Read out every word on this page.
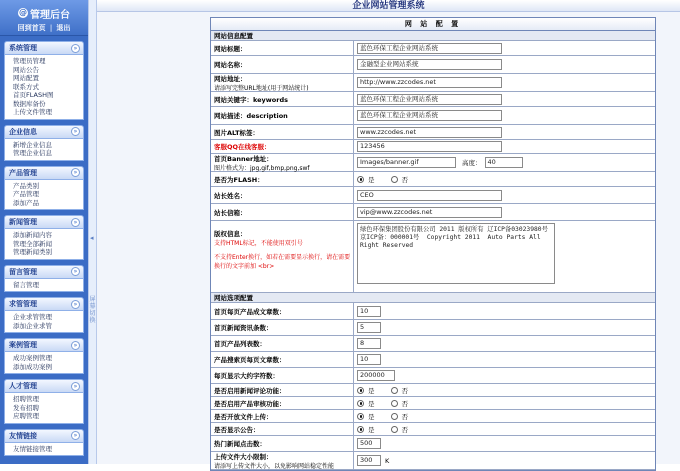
@ 管理后台
回到首页 | 退出
系统管理	»
管理员管理
网站公告
网站配置
联系方式
首页FLASH图
数据库备份
上传文件管理
企业信息	»
新增企业信息
管理企业信息
产品管理	»
产品类别
产品管理
添加产品
新闻管理	»
添加新闻内容
管理全部新闻
管理新闻类别
留言管理	»
留言管理
求管管理	»
企业求管管理
添加企业求管
案例管理	»
成功案例管理
添加成功案例
人才管理	»
招聘管理
发布招聘
应聘管理
友情链接	»
友情链接管理
◂
屏幕切换
企业网站管理系统
网 站 配 置
网站信息配置
网站标题：	蓝色环保工程企业网站系统
网站名称：	金融型企业网站系统
网站地址：
请添写完整URL地址(用于网站统计)
http://www.zzcodes.net
网站关键字：keywords	蓝色环保工程企业网站系统
网站描述：description	蓝色环保工程企业网站系统
图片ALT标签：	www.zzcodes.net
客服QQ在线客服：	123456
首页Banner地址：
图片格式为：jpg,gif,bmp,png,swf
Images/banner.gif	高度： 40
是否为FLASH：	是	否
站长姓名：	CEO
站长信箱：	vip@www.zzcodes.net
版权信息：
支持HTML标记，不能使用双引号
不支持Enter换行，如若在需要显示换行，请在需要换行的文字前加 <br>
绿色环保集团股份有限公司 2011 版权所有 辽ICP备03023980号 京ICP备：000001号 Copyright 2011 Auto Parts All Right Reserved
网站选项配置
首页每页产品成文章数：	10
首页新闻资讯条数：	5
首页产品列表数：	8
产品搜索页每页文章数：	10
每页显示大约字符数：	200000
是否启用新闻评论功能：	是	否
是否启用产品审核功能：	是	否
是否开放文件上传：	是	否
是否显示公告：	是	否
热门新闻点击数：	500
上传文件大小限制：
请添写上传文件大小，以免影响网站稳定性能
300	K
